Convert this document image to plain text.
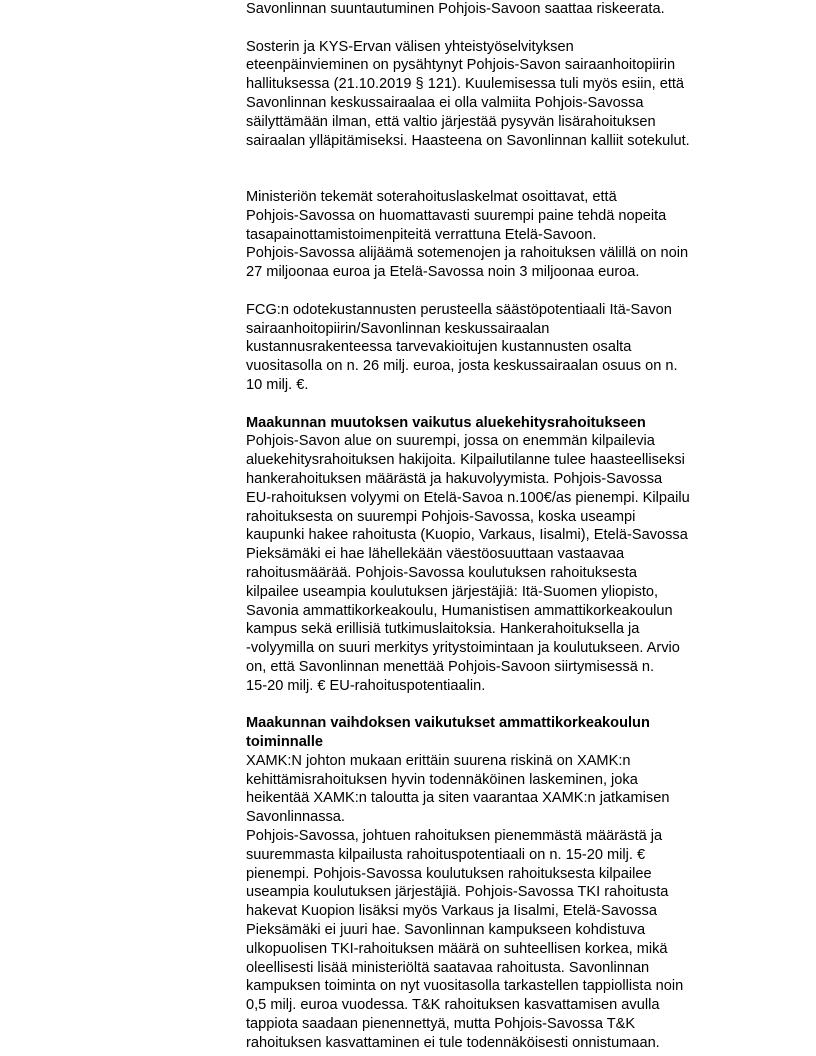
Savonlinnan suuntautuminen Pohjois-Savoon saattaa riskeerata.
Sosterin ja KYS-Ervan välisen yhteistyöselvityksen
eteenpäinvieminen on pysähtynyt Pohjois-Savon sairaanhoitopiirin
hallituksessa (21.10.2019 § 121). Kuulemisessa tuli myös esiin, että
Savonlinnan keskussairaalaa ei olla valmiita Pohjois-Savossa
säilyttämään ilman, että valtio järjestää pysyvän lisärahoituksen
sairaalan ylläpitämiseksi. Haasteena on Savonlinnan kalliit sotekulut.
Ministeriön tekemät soterahoituslaskelmat osoittavat, että
Pohjois-Savossa on huomattavasti suurempi paine tehdä nopeita
tasapainottamistoimenpiteitä verrattuna Etelä-Savoon.
Pohjois-Savossa alijäämä sotemenojen ja rahoituksen välillä on noin
27 miljoonaa euroa ja Etelä-Savossa noin 3 miljoonaa euroa.
FCG:n odotekustannusten perusteella säästöpotentiaali Itä-Savon
sairaanhoitopiirin/Savonlinnan keskussairaalan
kustannusrakenteessa tarvevakioitujen kustannusten osalta
vuositasolla on n. 26 milj. euroa, josta keskussairaalan osuus on n.
10 milj. €.
Maakunnan muutoksen vaikutus aluekehitysrahoitukseen
Pohjois-Savon alue on suurempi, jossa on enemmän kilpailevia
aluekehitysrahoituksen hakijoita. Kilpailutilanne tulee haasteelliseksi
hankerahoituksen määrästä ja hakuvolyymista. Pohjois-Savossa
EU-rahoituksen volyymi on Etelä-Savoa n.100€/as pienempi. Kilpailu
rahoituksesta on suurempi Pohjois-Savossa, koska useampi
kaupunki hakee rahoitusta (Kuopio, Varkaus, Iisalmi), Etelä-Savossa
Pieksämäki ei hae lähellekään väestöosuuttaan vastaavaa
rahoitusmäärää. Pohjois-Savossa koulutuksen rahoituksesta
kilpailee useampia koulutuksen järjestäjiä: Itä-Suomen yliopisto,
Savonia ammattikorkeakoulu, Humanistisen ammattikorkeakoulun
kampus sekä erillisiä tutkimuslaitoksia. Hankerahoituksella ja
-volyymilla on suuri merkitys yritystoimintaan ja koulutukseen. Arvio
on, että Savonlinnan menettää Pohjois-Savoon siirtymisessä n.
15-20 milj. € EU-rahoituspotentiaalin.
Maakunnan vaihdoksen vaikutukset ammattikorkeakoulun
toiminnalle
XAMK:N johton mukaan erittäin suurena riskinä on XAMK:n
kehittämisrahoituksen hyvin todennäköinen laskeminen, joka
heikentää XAMK:n taloutta ja siten vaarantaa XAMK:n jatkamisen
Savonlinnassa.
Pohjois-Savossa, johtuen rahoituksen pienemmästä määrästä ja
suuremmasta kilpailusta rahoituspotentiaali on n. 15-20 milj. €
pienempi. Pohjois-Savossa koulutuksen rahoituksesta kilpailee
useampia koulutuksen järjestäjiä. Pohjois-Savossa TKI rahoitusta
hakevat Kuopion lisäksi myös Varkaus ja Iisalmi, Etelä-Savossa
Pieksämäki ei juuri hae. Savonlinnan kampukseen kohdistuva
ulkopuolisen TKI-rahoituksen määrä on suhteellisen korkea, mikä
oleellisesti lisää ministeriöltä saatavaa rahoitusta. Savonlinnan
kampuksen toiminta on nyt vuositasolla tarkastellen tappiollista noin
0,5 milj. euroa vuodessa. T&K rahoituksen kasvattamisen avulla
tappiota saadaan pienennettyä, mutta Pohjois-Savossa T&K
rahoituksen kasvattaminen ei tule todennäköisesti onnistumaan.
